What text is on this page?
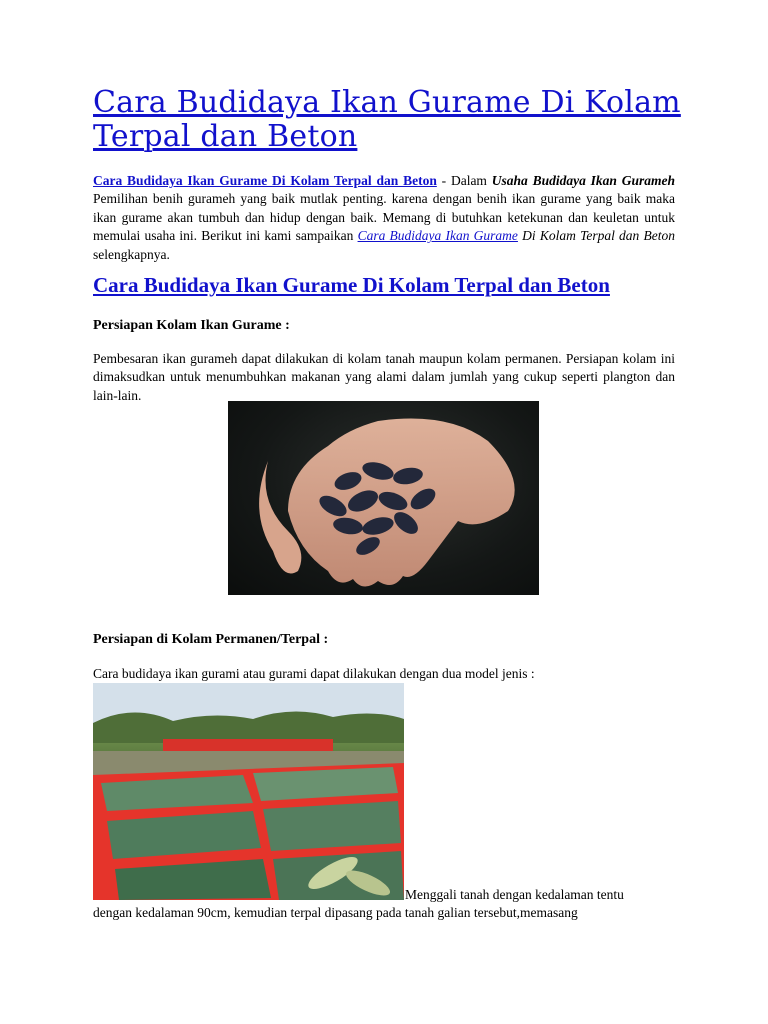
Cara Budidaya Ikan Gurame Di Kolam Terpal dan Beton

Cara Budidaya Ikan Gurame Di Kolam Terpal dan Beton - Dalam Usaha Budidaya Ikan Gurameh Pemilihan benih gurameh yang baik mutlak penting. karena dengan benih ikan gurame yang baik maka ikan gurame akan tumbuh dan hidup dengan baik. Memang di butuhkan ketekunan dan keuletan untuk memulai usaha ini. Berikut ini kami sampaikan Cara Budidaya Ikan Gurame Di Kolam Terpal dan Beton selengkapnya.

Cara Budidaya Ikan Gurame Di Kolam Terpal dan Beton
Persiapan Kolam Ikan Gurame :

Pembesaran ikan gurameh dapat dilakukan di kolam tanah maupun kolam permanen. Persiapan kolam ini dimaksudkan untuk menumbuhkan makanan yang alami dalam jumlah yang cukup seperti plangton dan lain-lain.

Persiapan di Kolam Permanen/Terpal :

Cara budidaya ikan gurami atau gurami dapat dilakukan dengan dua model jenis :

Menggali tanah dengan kedalaman tentu
dengan kedalaman 90cm, kemudian terpal dipasang pada tanah galian tersebut,memasang
